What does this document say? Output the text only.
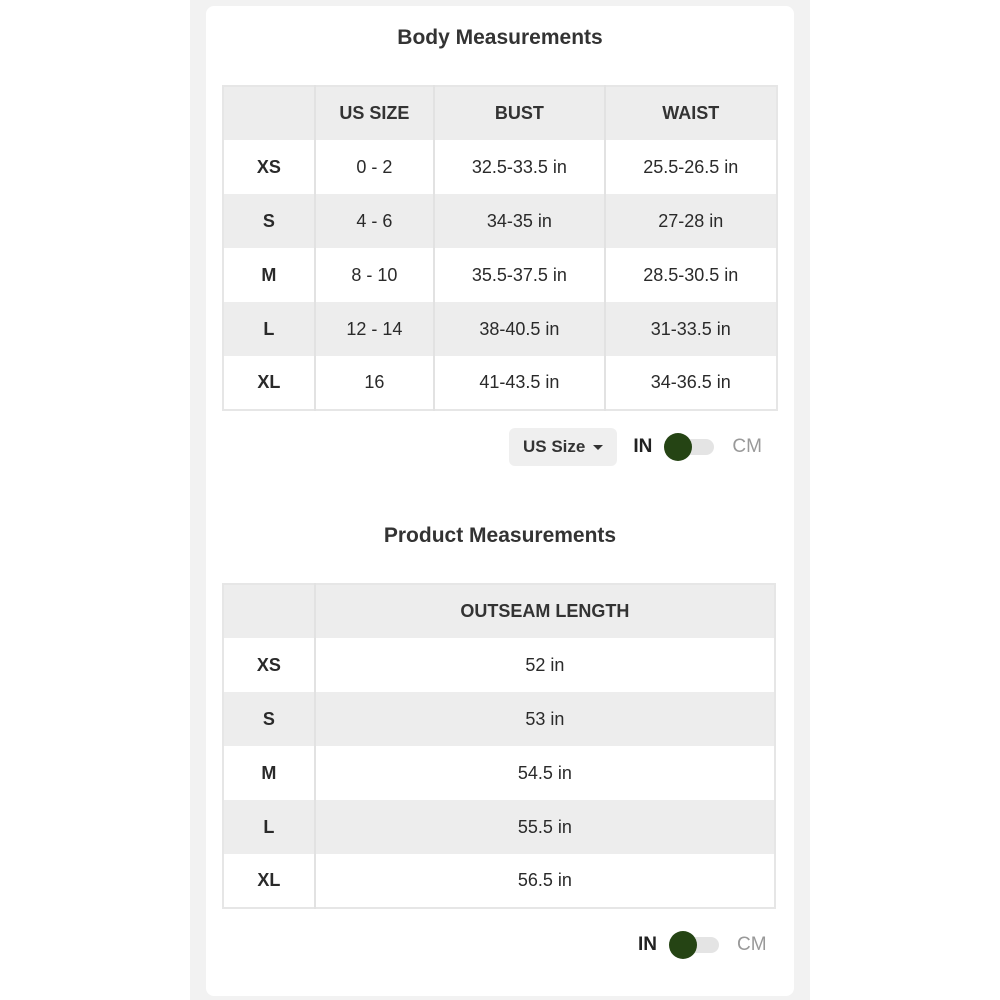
Body Measurements
	US SIZE	BUST	WAIST
XS	0 - 2	32.5-33.5 in	25.5-26.5 in
S	4 - 6	34-35 in	27-28 in
M	8 - 10	35.5-37.5 in	28.5-30.5 in
L	12 - 14	38-40.5 in	31-33.5 in
XL	16	41-43.5 in	34-36.5 in
US Size	IN	CM
Product Measurements
	OUTSEAM LENGTH
XS	52 in
S	53 in
M	54.5 in
L	55.5 in
XL	56.5 in
IN	CM
